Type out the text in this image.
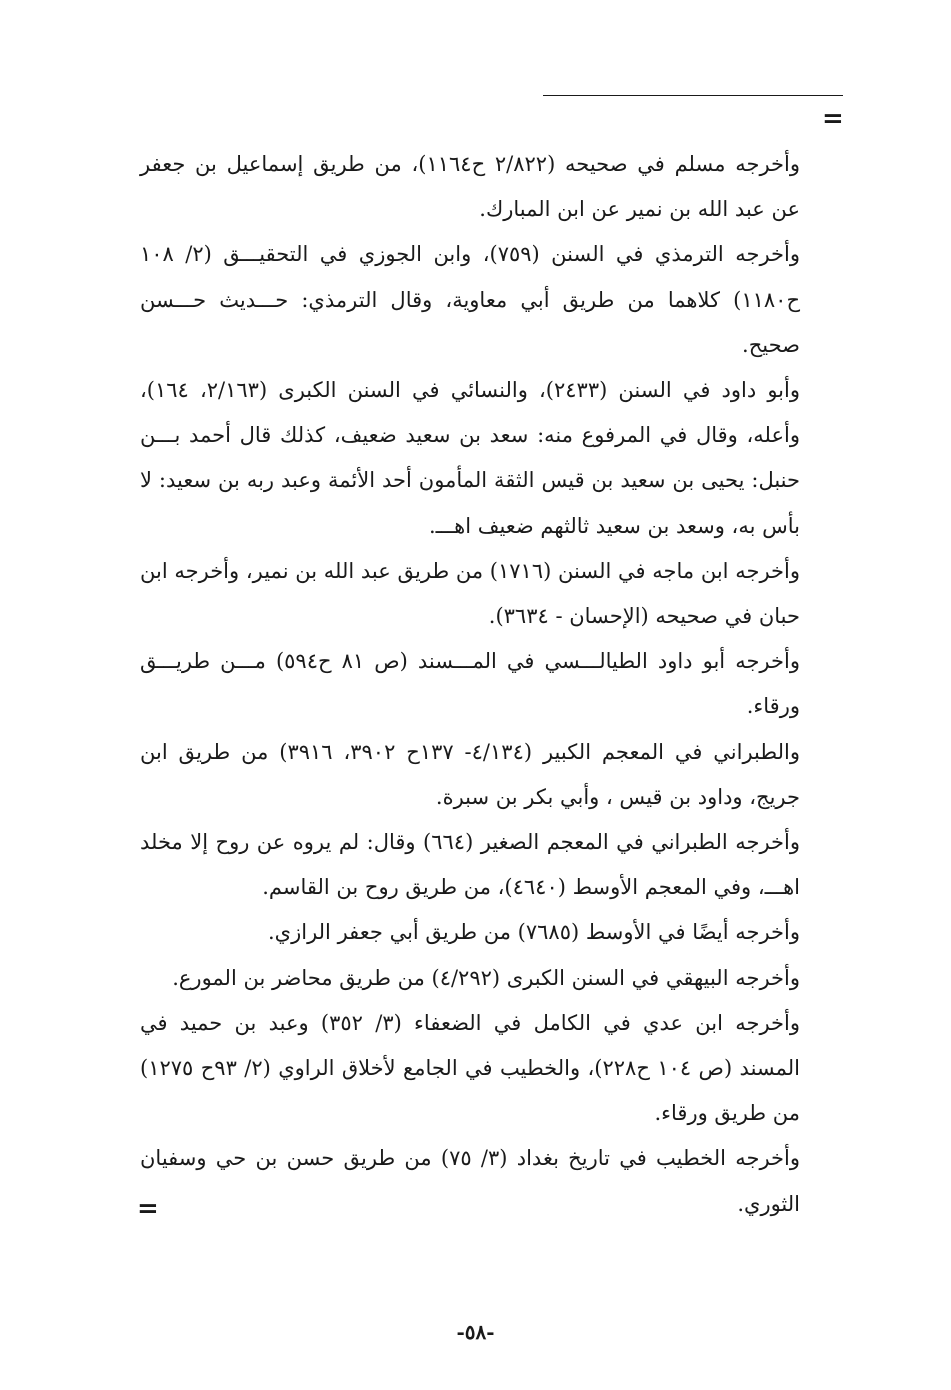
=

وأخرجه مسلم في صحيحه (٢/٨٢٢ ح١١٦٤)، من طريق إسماعيل بن جعفر عن عبد الله بن نمير عن ابن المبارك.

وأخرجه الترمذي في السنن (٧٥٩)، وابن الجوزي في التحقيـــق (٢/ ١٠٨ ح١١٨٠) كلاهما من طريق أبي معاوية، وقال الترمذي: حـــديث حـــسن صحيح.

وأبو داود في السنن (٢٤٣٣)، والنسائي في السنن الكبرى (٢/١٦٣، ١٦٤)، وأعله، وقال في المرفوع منه: سعد بن سعيد ضعيف، كذلك قال أحمد بـــن حنبل: يحيى بن سعيد بن قيس الثقة المأمون أحد الأئمة وعبد ربه بن سعيد: لا بأس به، وسعد بن سعيد ثالثهم ضعيف اهـــ.

وأخرجه ابن ماجه في السنن (١٧١٦) من طريق عبد الله بن نمير، وأخرجه ابن حبان في صحيحه (الإحسان - ٣٦٣٤).

وأخرجه أبو داود الطيالـــسي في المـــسند (ص ٨١ ح٥٩٤) مـــن طريـــق ورقاء.

والطبراني في المعجم الكبير (٤/١٣٤- ١٣٧ح ٣٩٠٢، ٣٩١٦) من طريق ابن جريج، وداود بن قيس ، وأبي بكر بن سبرة.

وأخرجه الطبراني في المعجم الصغير (٦٦٤) وقال: لم يروه عن روح إلا مخلد اهـــ، وفي المعجم الأوسط (٤٦٤٠)، من طريق روح بن القاسم.

وأخرجه أيضًا في الأوسط (٧٦٨٥) من طريق أبي جعفر الرازي.

وأخرجه البيهقي في السنن الكبرى (٤/٢٩٢) من طريق محاضر بن المورع.

وأخرجه ابن عدي في الكامل في الضعفاء (٣/ ٣٥٢) وعبد بن حميد في المسند (ص ١٠٤ ح٢٢٨)، والخطيب في الجامع لأخلاق الراوي (٢/ ٩٣ح ١٢٧٥) من طريق ورقاء.

وأخرجه الخطيب في تاريخ بغداد (٣/ ٧٥) من طريق حسن بن حي وسفيان الثوري.

=
-٥٨-
